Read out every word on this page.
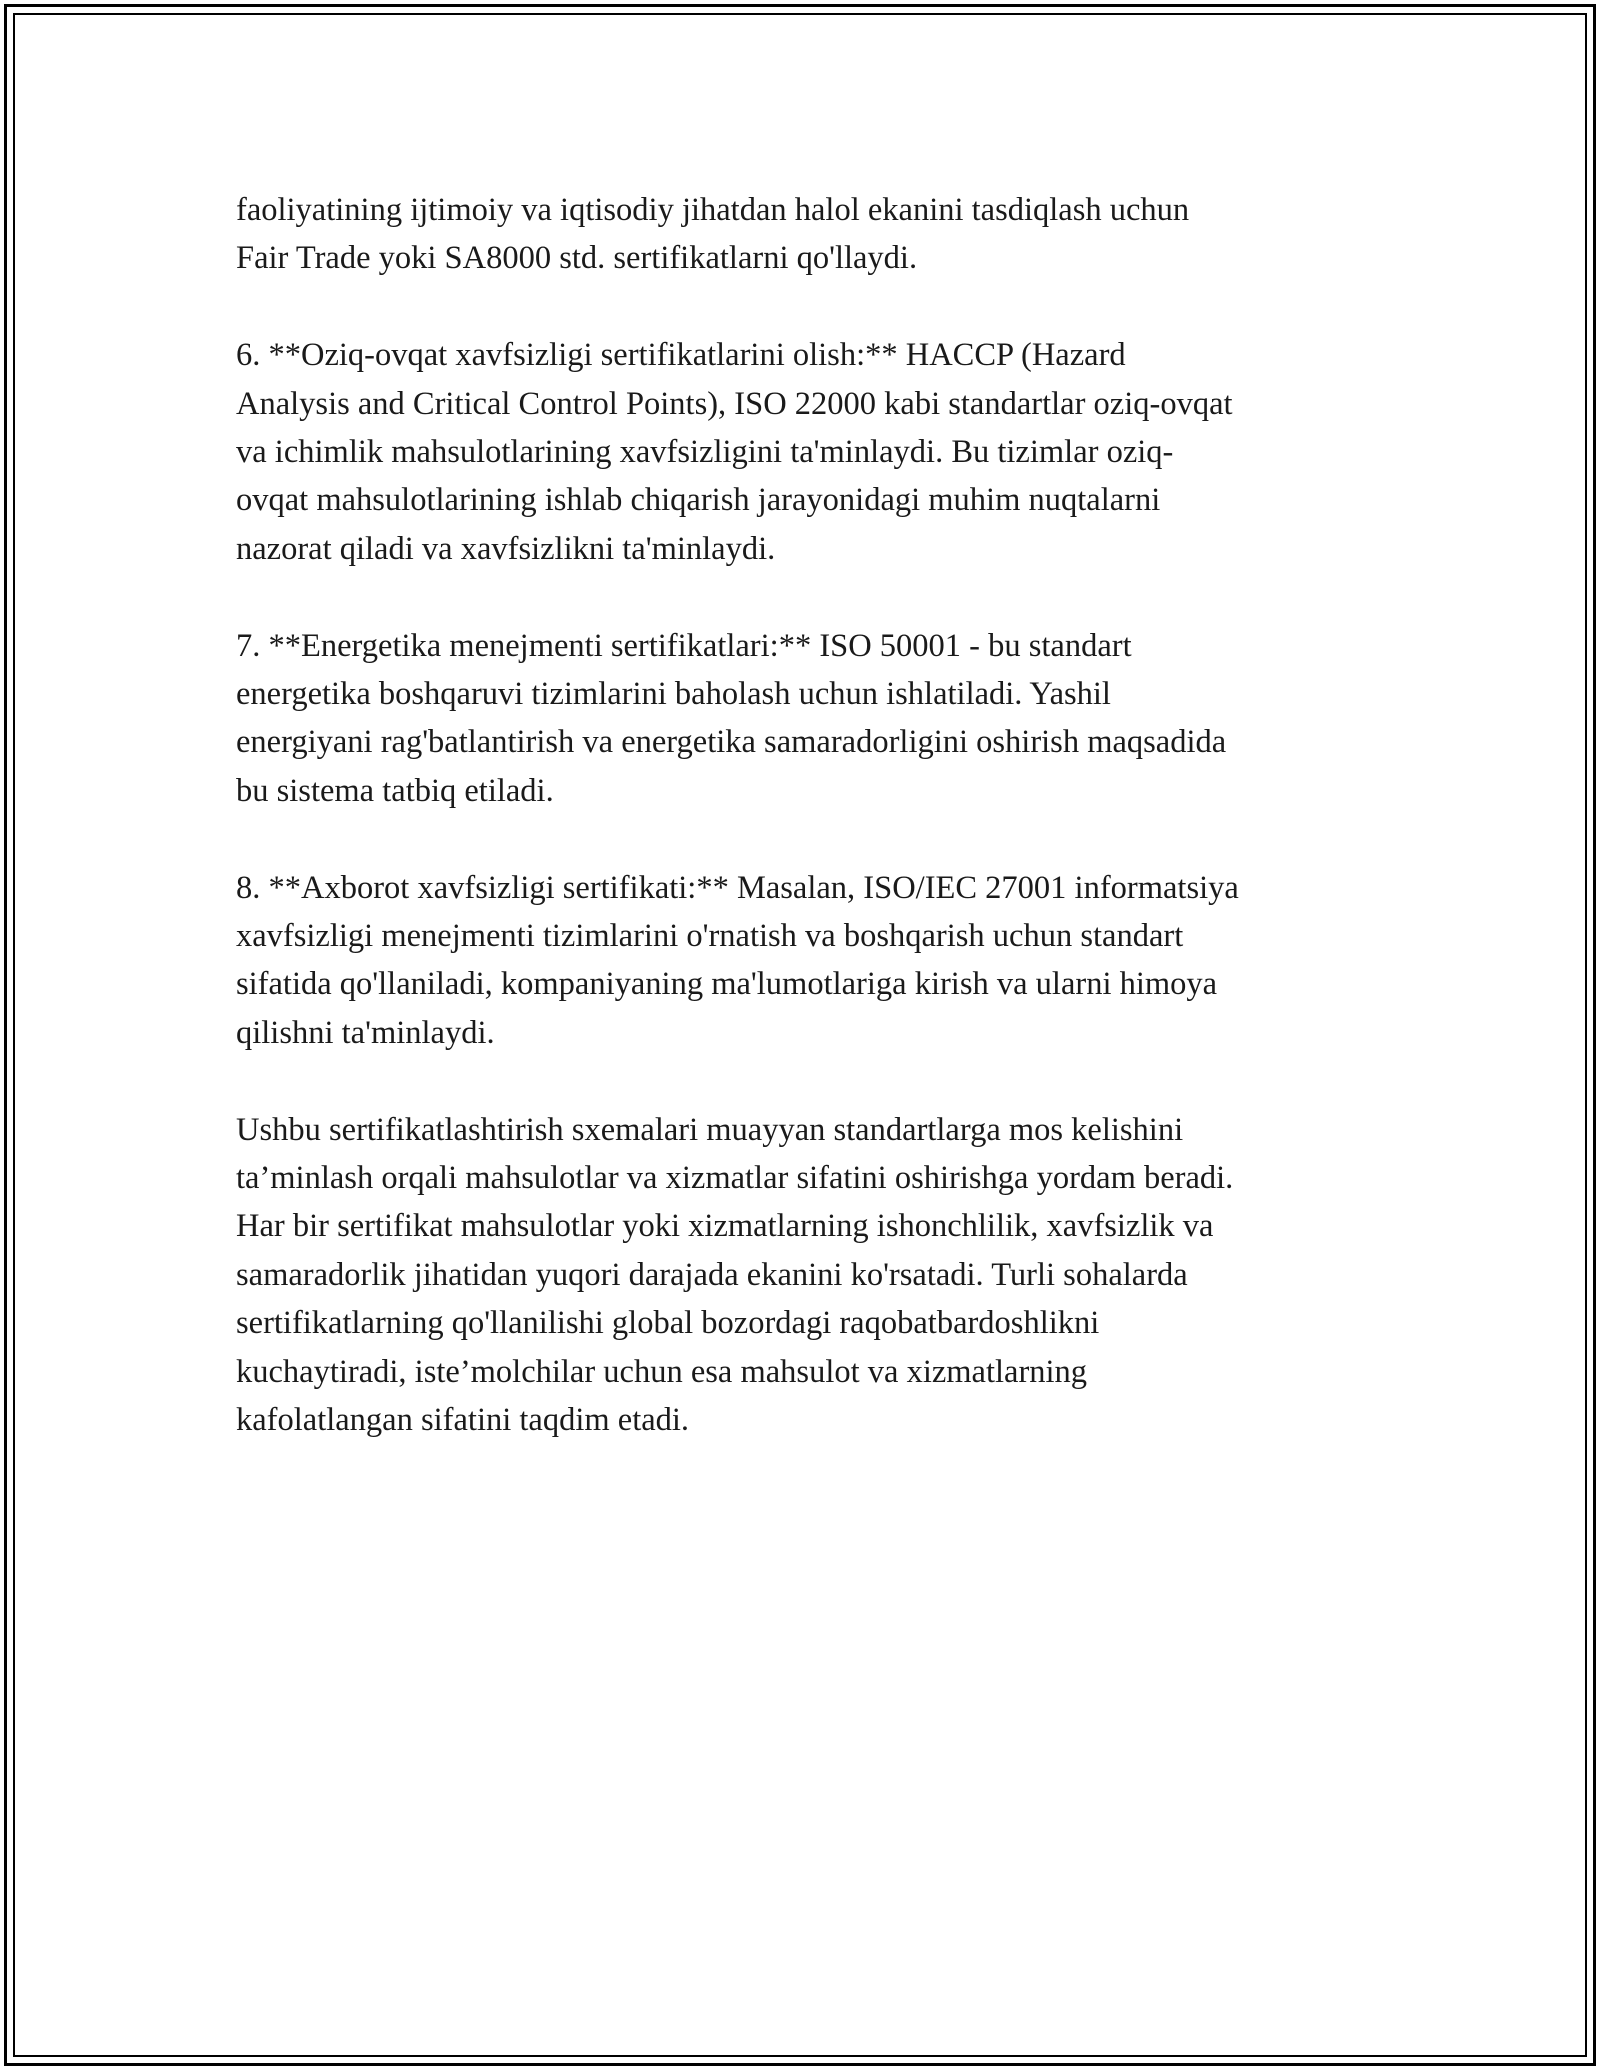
faoliyatining ijtimoiy va iqtisodiy jihatdan halol ekanini tasdiqlash uchun
Fair Trade yoki SA8000 std. sertifikatlarni qo'llaydi.

6. **Oziq-ovqat xavfsizligi sertifikatlarini olish:** HACCP (Hazard
Analysis and Critical Control Points), ISO 22000 kabi standartlar oziq-ovqat
va ichimlik mahsulotlarining xavfsizligini ta'minlaydi. Bu tizimlar oziq-
ovqat mahsulotlarining ishlab chiqarish jarayonidagi muhim nuqtalarni
nazorat qiladi va xavfsizlikni ta'minlaydi.

7. **Energetika menejmenti sertifikatlari:** ISO 50001 - bu standart
energetika boshqaruvi tizimlarini baholash uchun ishlatiladi. Yashil
energiyani rag'batlantirish va energetika samaradorligini oshirish maqsadida
bu sistema tatbiq etiladi.

8. **Axborot xavfsizligi sertifikati:** Masalan, ISO/IEC 27001 informatsiya
xavfsizligi menejmenti tizimlarini o'rnatish va boshqarish uchun standart
sifatida qo'llaniladi, kompaniyaning ma'lumotlariga kirish va ularni himoya
qilishni ta'minlaydi.

Ushbu sertifikatlashtirish sxemalari muayyan standartlarga mos kelishini
ta’minlash orqali mahsulotlar va xizmatlar sifatini oshirishga yordam beradi.
Har bir sertifikat mahsulotlar yoki xizmatlarning ishonchlilik, xavfsizlik va
samaradorlik jihatidan yuqori darajada ekanini ko'rsatadi. Turli sohalarda
sertifikatlarning qo'llanilishi global bozordagi raqobatbardoshlikni
kuchaytiradi, iste’molchilar uchun esa mahsulot va xizmatlarning
kafolatlangan sifatini taqdim etadi.
